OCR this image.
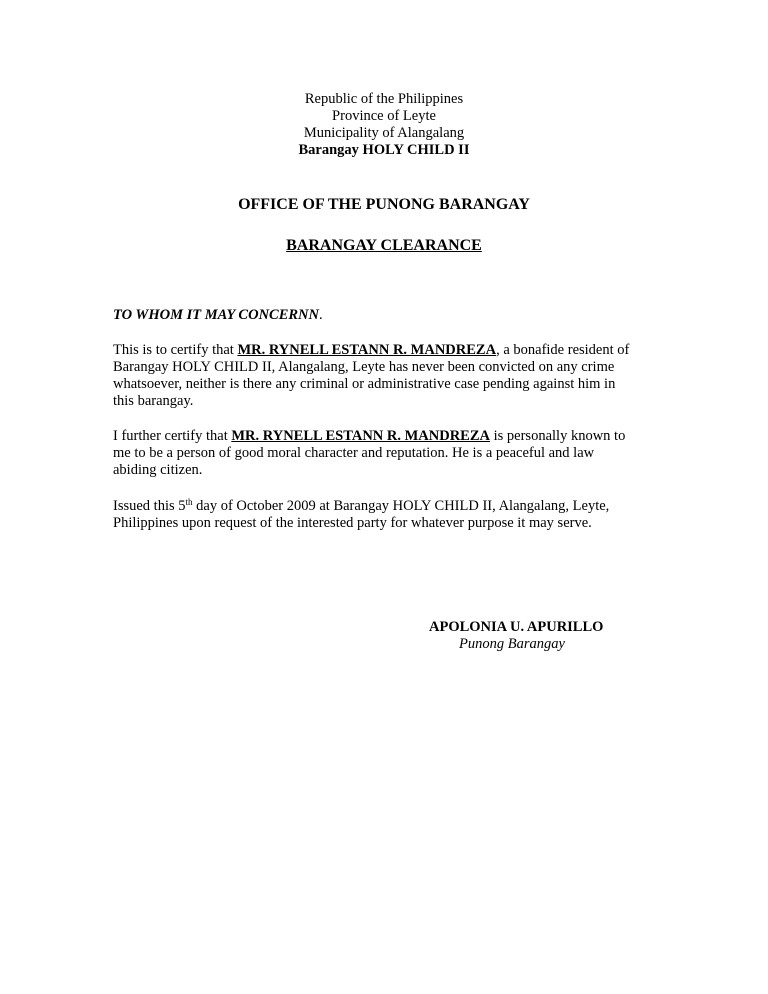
Republic of the Philippines
Province of Leyte
Municipality of Alangalang
Barangay HOLY CHILD II
OFFICE OF THE PUNONG BARANGAY
BARANGAY CLEARANCE
TO WHOM IT MAY CONCERNN.
This is to certify that MR. RYNELL ESTANN R. MANDREZA, a bonafide resident of
Barangay HOLY CHILD II, Alangalang, Leyte has never been convicted on any crime
whatsoever, neither is there any criminal or administrative case pending against him in
this barangay.
I further certify that MR. RYNELL ESTANN R. MANDREZA is personally known to
me to be a person of good moral character and reputation. He is a peaceful and law
abiding citizen.
Issued this 5th day of October 2009 at Barangay HOLY CHILD II, Alangalang, Leyte,
Philippines upon request of the interested party for whatever purpose it may serve.
APOLONIA U. APURILLO
Punong Barangay
